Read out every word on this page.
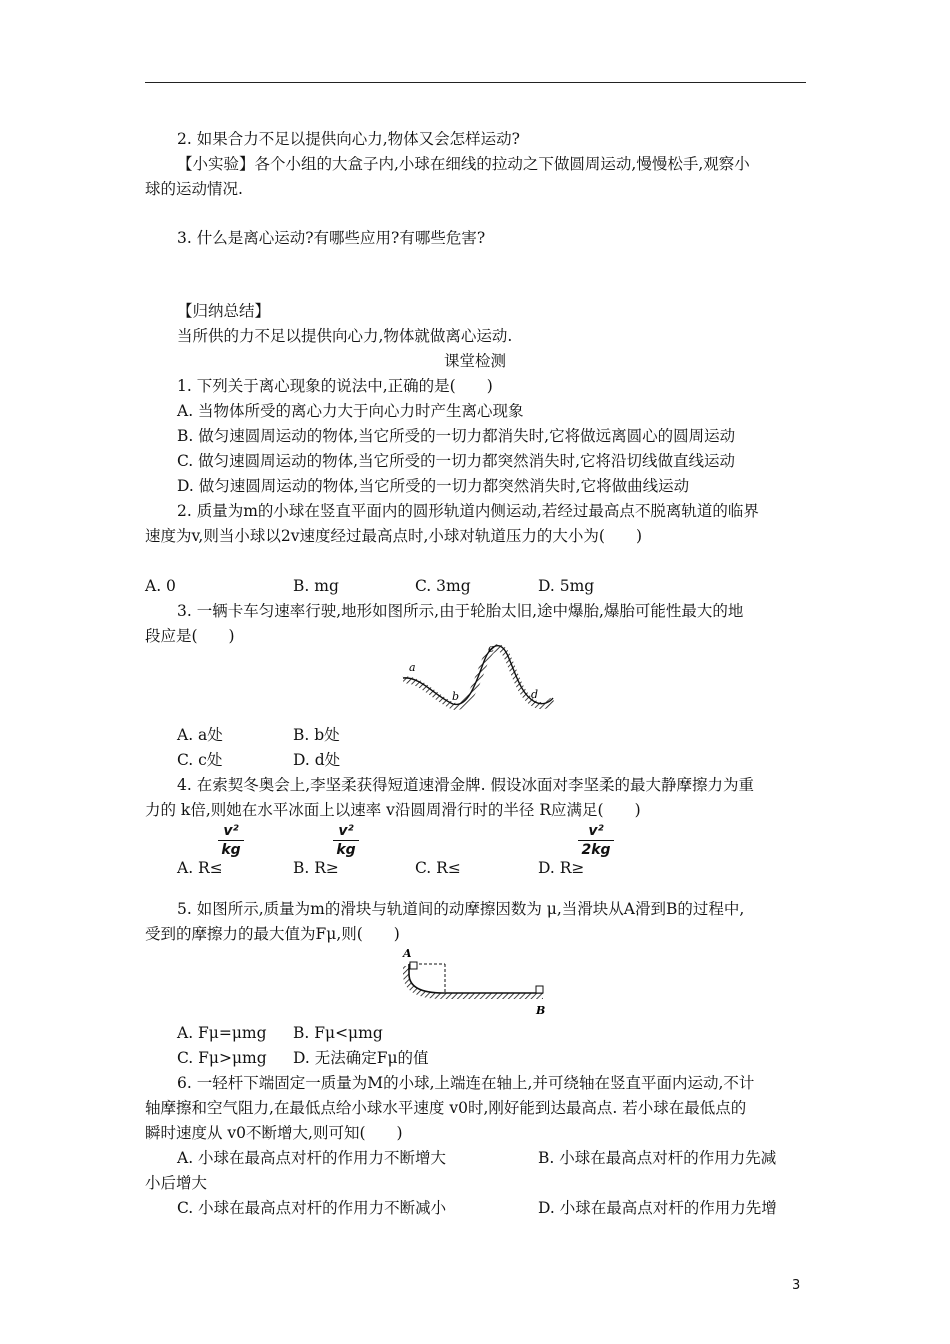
2. 如果合力不足以提供向心力,物体又会怎样运动?
【小实验】各个小组的大盒子内,小球在细线的拉动之下做圆周运动,慢慢松手,观察小
球的运动情况.
3. 什么是离心运动?有哪些应用?有哪些危害?
【归纳总结】
当所供的力不足以提供向心力,物体就做离心运动.
课堂检测
1. 下列关于离心现象的说法中,正确的是(　　)
A. 当物体所受的离心力大于向心力时产生离心现象
B. 做匀速圆周运动的物体,当它所受的一切力都消失时,它将做远离圆心的圆周运动
C. 做匀速圆周运动的物体,当它所受的一切力都突然消失时,它将沿切线做直线运动
D. 做匀速圆周运动的物体,当它所受的一切力都突然消失时,它将做曲线运动
2. 质量为m的小球在竖直平面内的圆形轨道内侧运动,若经过最高点不脱离轨道的临界
速度为v,则当小球以2v速度经过最高点时,小球对轨道压力的大小为(　　)
A. 0	B. mg	C. 3mg	D. 5mg
3. 一辆卡车匀速率行驶,地形如图所示,由于轮胎太旧,途中爆胎,爆胎可能性最大的地
段应是(　　)
a
b
c
d
A. a处	B. b处
C. c处	D. d处
4. 在索契冬奥会上,李坚柔获得短道速滑金牌. 假设冰面对李坚柔的最大静摩擦力为重
力的 k倍,则她在水平冰面上以速率 v沿圆周滑行时的半径 R应满足(　　)
A. R≤
v²
kg
B. R≥
v²
kg
C. R≤	D. R≥
v²
2kg
5. 如图所示,质量为m的滑块与轨道间的动摩擦因数为 μ,当滑块从A滑到B的过程中,
受到的摩擦力的最大值为Fμ,则(　　)
A
B
A. Fμ=μmg B. Fμ<μmg
C. Fμ>μmg D. 无法确定Fμ的值
6. 一轻杆下端固定一质量为M的小球,上端连在轴上,并可绕轴在竖直平面内运动,不计
轴摩擦和空气阻力,在最低点给小球水平速度 v0时,刚好能到达最高点. 若小球在最低点的
瞬时速度从 v0不断增大,则可知(　　)
A. 小球在最高点对杆的作用力不断增大	B. 小球在最高点对杆的作用力先减
小后增大
C. 小球在最高点对杆的作用力不断减小	D. 小球在最高点对杆的作用力先增
3
